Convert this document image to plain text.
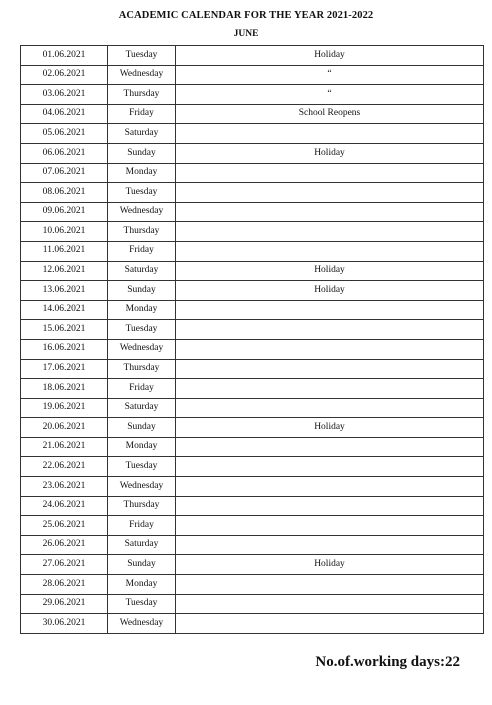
ACADEMIC CALENDAR FOR THE YEAR 2021-2022
JUNE
01.06.2021	Tuesday	Holiday
02.06.2021	Wednesday	“
03.06.2021	Thursday	“
04.06.2021	Friday	School Reopens
05.06.2021	Saturday	
06.06.2021	Sunday	Holiday
07.06.2021	Monday	
08.06.2021	Tuesday	
09.06.2021	Wednesday	
10.06.2021	Thursday	
11.06.2021	Friday	
12.06.2021	Saturday	Holiday
13.06.2021	Sunday	Holiday
14.06.2021	Monday	
15.06.2021	Tuesday	
16.06.2021	Wednesday	
17.06.2021	Thursday	
18.06.2021	Friday	
19.06.2021	Saturday	
20.06.2021	Sunday	Holiday
21.06.2021	Monday	
22.06.2021	Tuesday	
23.06.2021	Wednesday	
24.06.2021	Thursday	
25.06.2021	Friday	
26.06.2021	Saturday	
27.06.2021	Sunday	Holiday
28.06.2021	Monday	
29.06.2021	Tuesday	
30.06.2021	Wednesday	
No.of.working days:22
